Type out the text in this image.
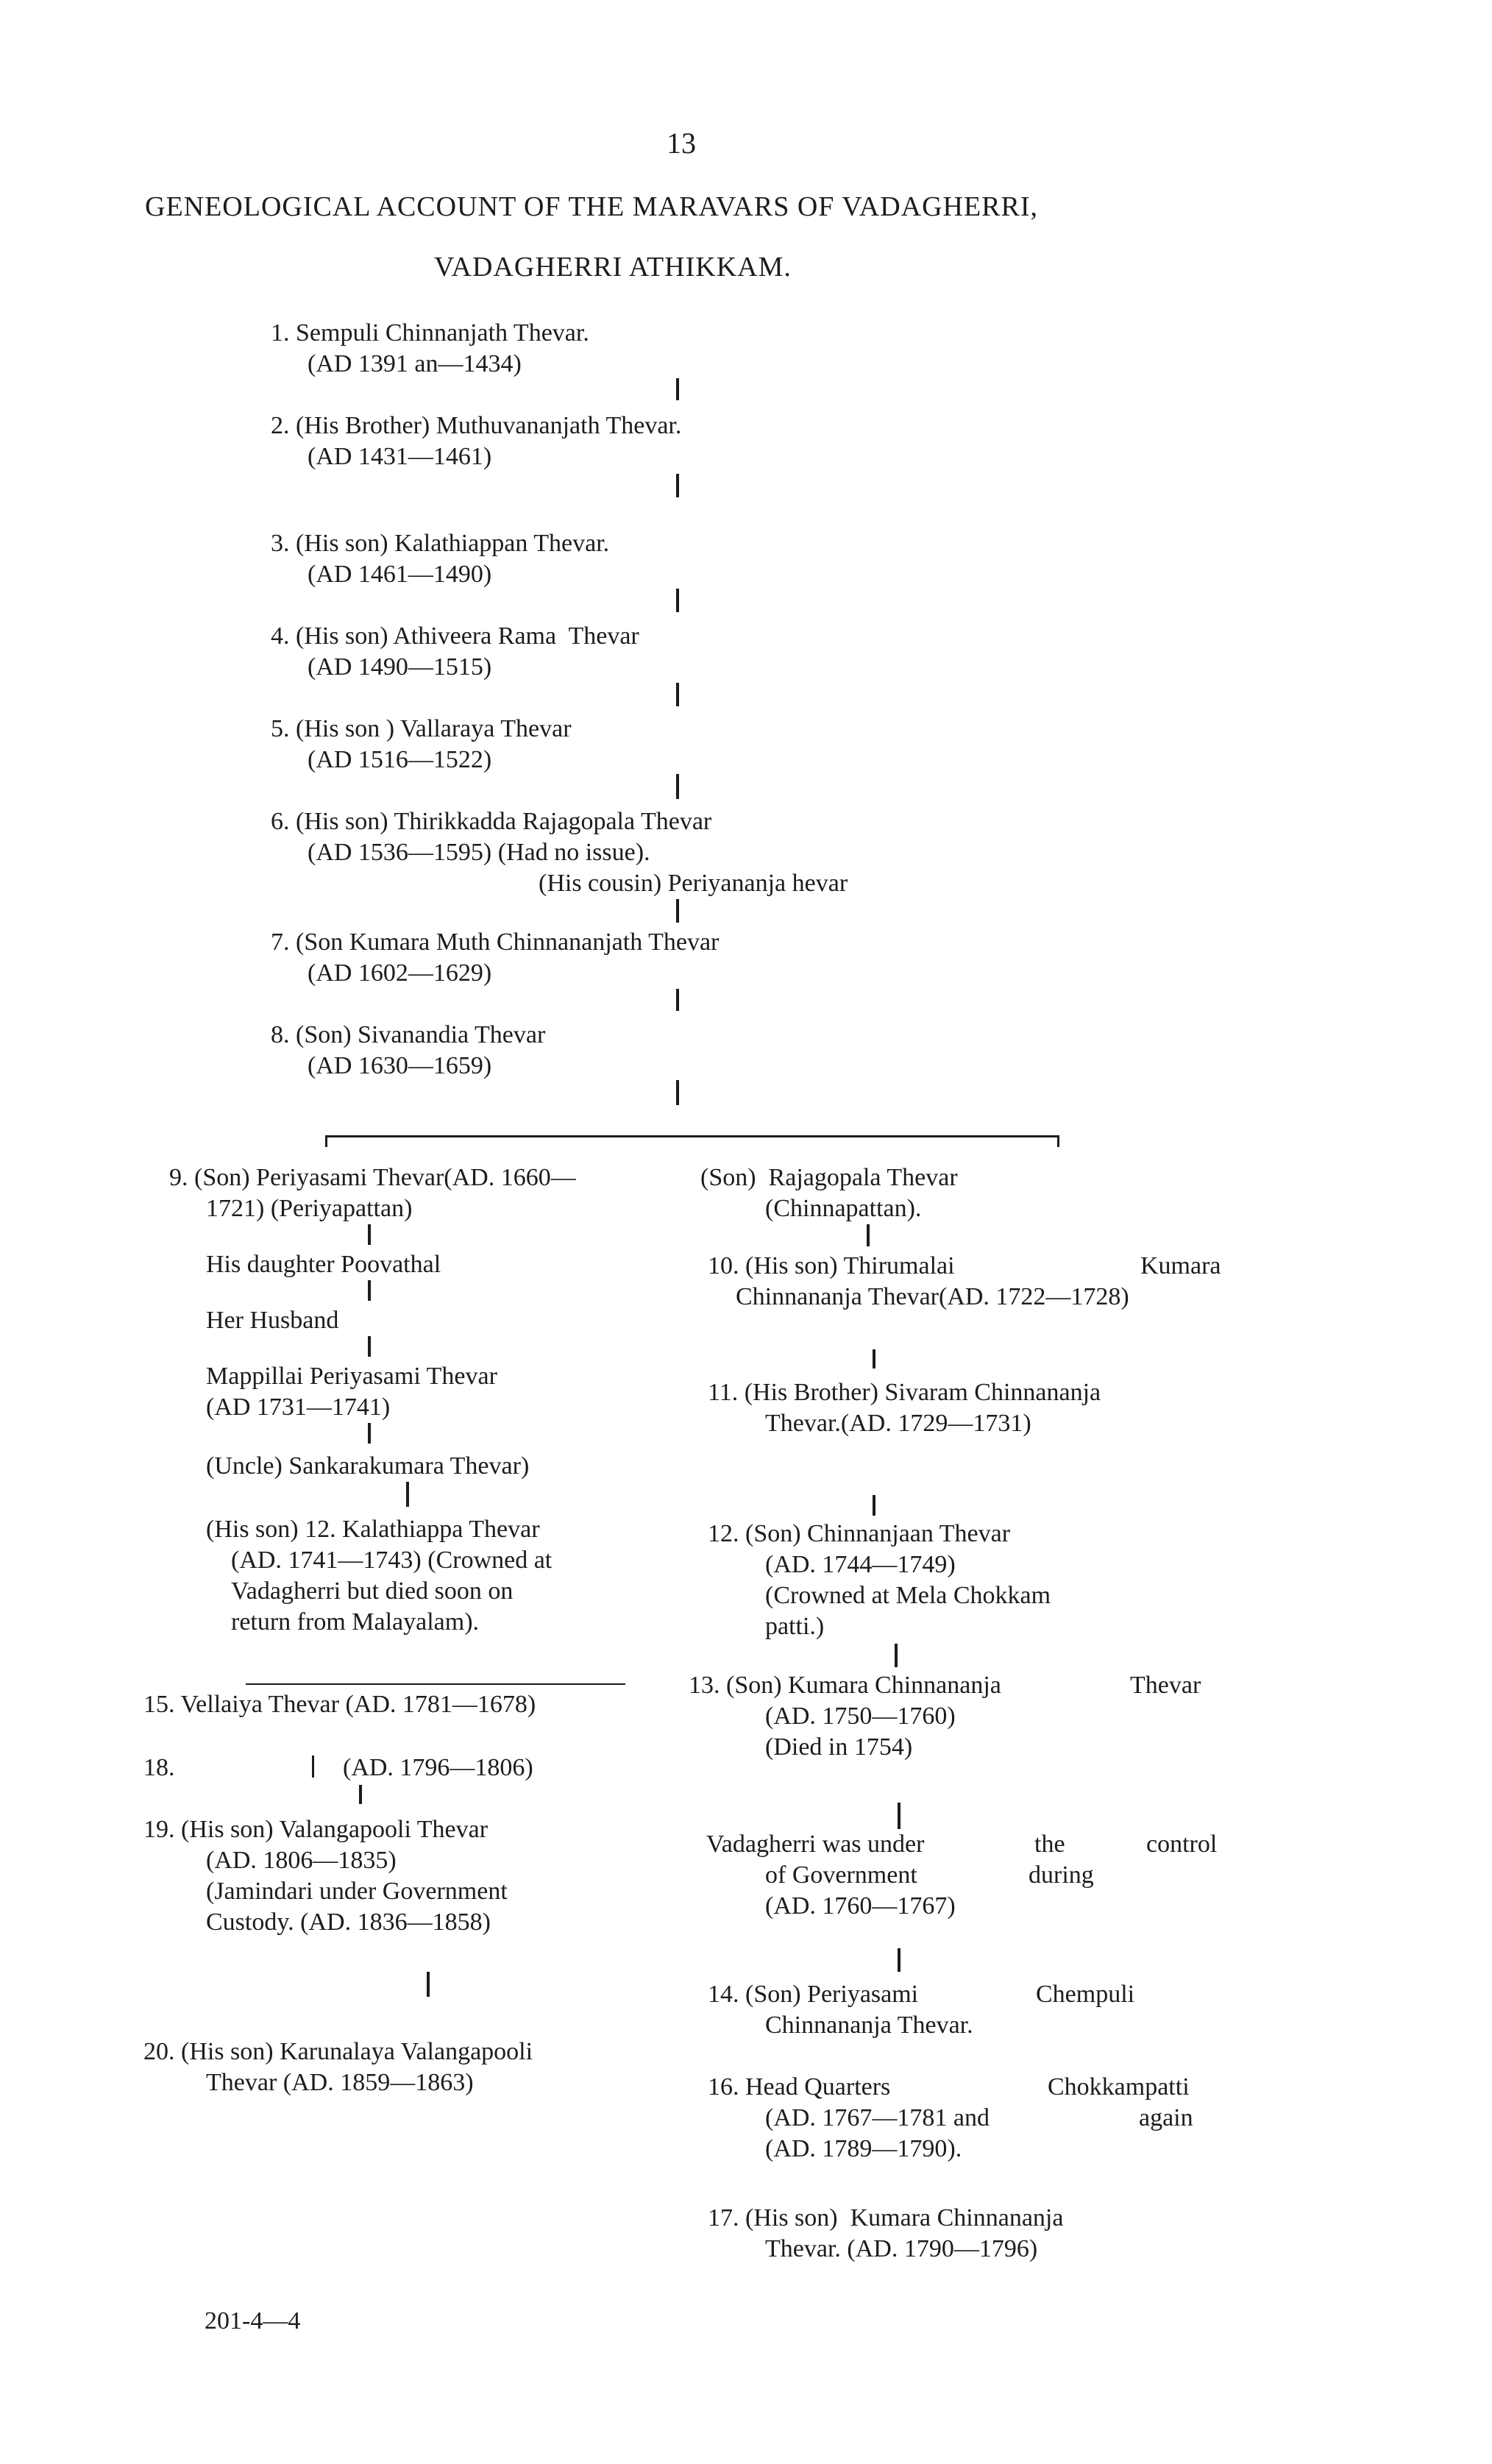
13
GENEOLOGICAL ACCOUNT OF THE MARAVARS OF VADAGHERRI,
VADAGHERRI ATHIKKAM.
1. Sempuli Chinnanjath Thevar.
(AD 1391 an—1434)
2. (His Brother) Muthuvananjath Thevar.
(AD 1431—1461)
3. (His son) Kalathiappan Thevar.
(AD 1461—1490)
4. (His son) Athiveera Rama  Thevar
(AD 1490—1515)
5. (His son ) Vallaraya Thevar
(AD 1516—1522)
6. (His son) Thirikkadda Rajagopala Thevar
(AD 1536—1595) (Had no issue).
(His cousin) Periyananja hevar
7. (Son Kumara Muth Chinnananjath Thevar
(AD 1602—1629)
8. (Son) Sivanandia Thevar
(AD 1630—1659)
9. (Son) Periyasami Thevar(AD. 1660—
1721) (Periyapattan)
His daughter Poovathal
Her Husband
Mappillai Periyasami Thevar
(AD 1731—1741)
(Uncle) Sankarakumara Thevar)
(His son) 12. Kalathiappa Thevar
(AD. 1741—1743) (Crowned at
Vadagherri but died soon on
return from Malayalam).
15. Vellaiya Thevar (AD. 1781—1678)
18.	(AD. 1796—1806)
19. (His son) Valangapooli Thevar
(AD. 1806—1835)
(Jamindari under Government
Custody. (AD. 1836—1858)
20. (His son) Karunalaya Valangapooli
Thevar (AD. 1859—1863)
(Son)  Rajagopala Thevar
(Chinnapattan).
10. (His son) Thirumalai	Kumara
Chinnananja Thevar(AD. 1722—1728)
11. (His Brother) Sivaram Chinnananja
Thevar.(AD. 1729—1731)
12. (Son) Chinnanjaan Thevar
(AD. 1744—1749)
(Crowned at Mela Chokkam
patti.)
13. (Son) Kumara Chinnananja	Thevar
(AD. 1750—1760)
(Died in 1754)
Vadagherri was under	the	control
of Government	during
(AD. 1760—1767)
14. (Son) Periyasami	Chempuli
Chinnananja Thevar.
16. Head Quarters	Chokkampatti
(AD. 1767—1781 and	again
(AD. 1789—1790).
17. (His son)  Kumara Chinnananja
Thevar. (AD. 1790—1796)
201-4—4
